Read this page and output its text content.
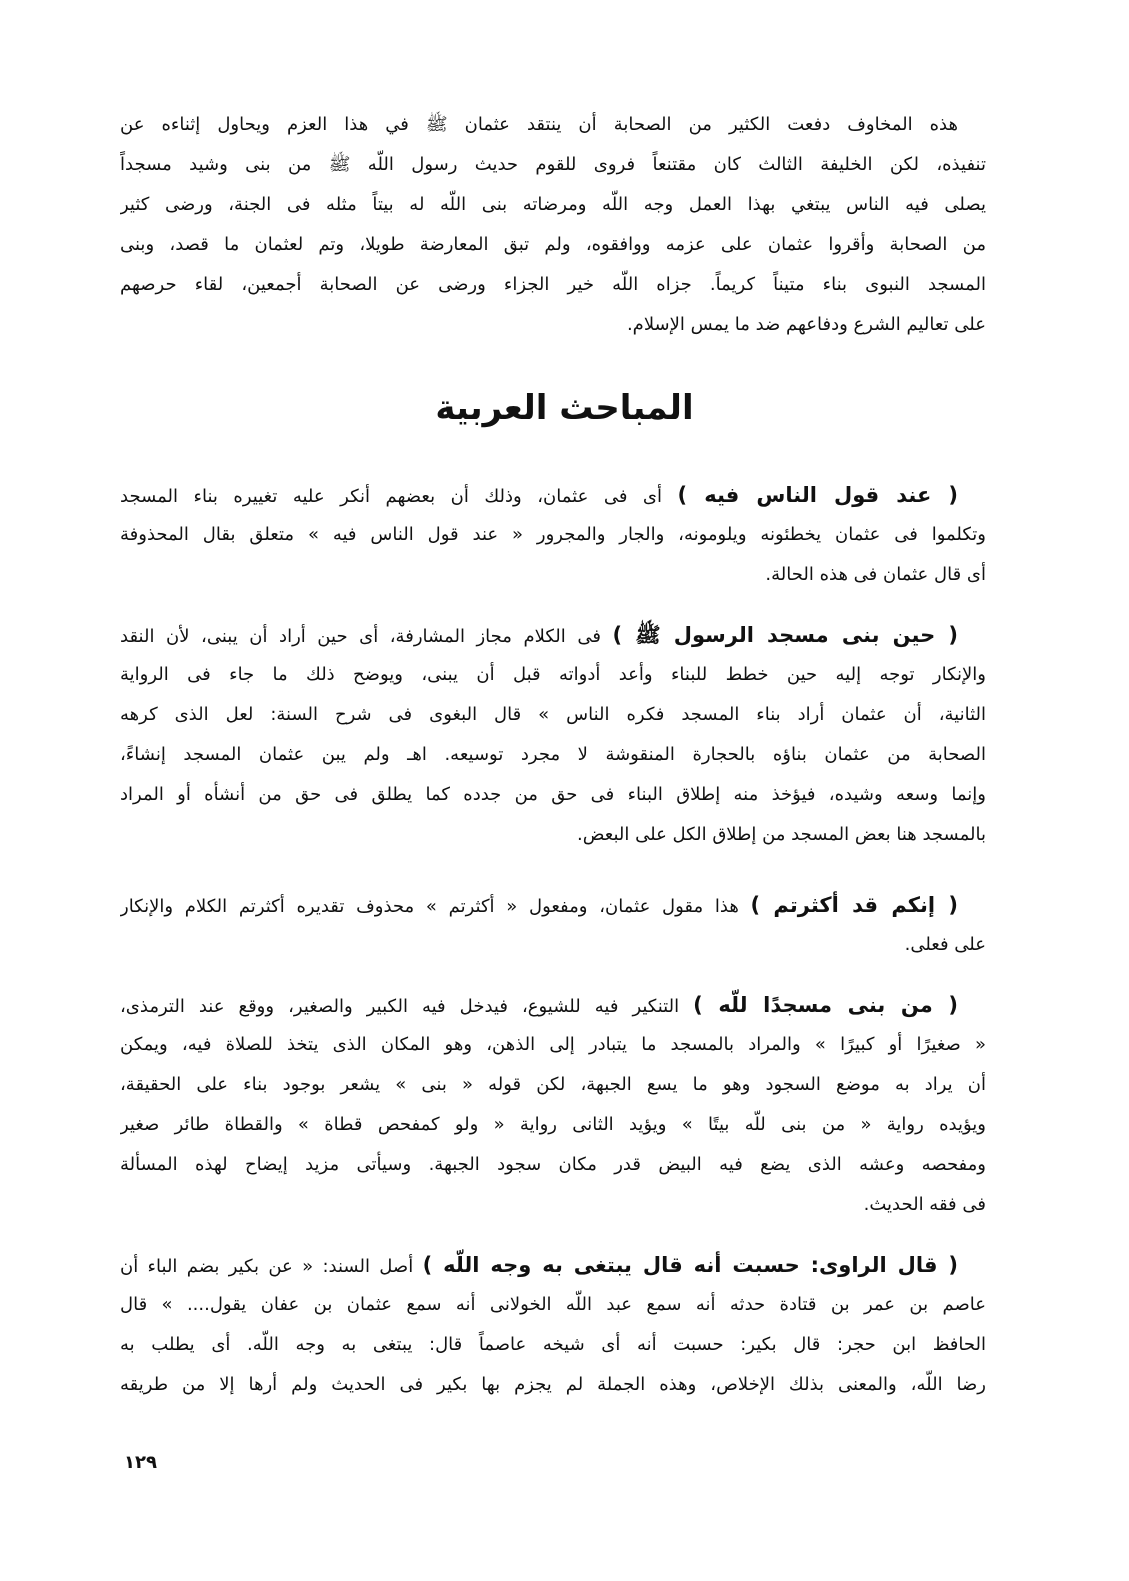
هذه المخاوف دفعت الكثير من الصحابة أن ينتقد عثمان ﷺ في هذا العزم ويحاول إثناءه عن
تنفيذه، لكن الخليفة الثالث كان مقتنعاً فروى للقوم حديث رسول اللّه ﷺ من بنى وشيد مسجداً
يصلى فيه الناس يبتغي بهذا العمل وجه اللّه ومرضاته بنى اللّه له بيتاً مثله فى الجنة، ورضى كثير
من الصحابة وأقروا عثمان على عزمه ووافقوه، ولم تبق المعارضة طويلا، وتم لعثمان ما قصد، وبنى
المسجد النبوى بناء متيناً كريماً. جزاه اللّه خير الجزاء ورضى عن الصحابة أجمعين، لقاء حرصهم
على تعاليم الشرع ودفاعهم ضد ما يمس الإسلام.
المباحث العربية
( عند قول الناس فيه ) أى فى عثمان، وذلك أن بعضهم أنكر عليه تغييره بناء المسجد
وتكلموا فى عثمان يخطئونه ويلومونه، والجار والمجرور « عند قول الناس فيه » متعلق بقال المحذوفة
أى قال عثمان فى هذه الحالة.
( حين بنى مسجد الرسول ﷺ ) فى الكلام مجاز المشارفة، أى حين أراد أن يبنى، لأن النقد
والإنكار توجه إليه حين خطط للبناء وأعد أدواته قبل أن يبنى، ويوضح ذلك ما جاء فى الرواية
الثانية، أن عثمان أراد بناء المسجد فكره الناس » قال البغوى فى شرح السنة: لعل الذى كرهه
الصحابة من عثمان بناؤه بالحجارة المنقوشة لا مجرد توسيعه. اهـ ولم يبن عثمان المسجد إنشاءً،
وإنما وسعه وشيده، فيؤخذ منه إطلاق البناء فى حق من جدده كما يطلق فى حق من أنشأه أو المراد
بالمسجد هنا بعض المسجد من إطلاق الكل على البعض.
( إنكم قد أكثرتم ) هذا مقول عثمان، ومفعول « أكثرتم » محذوف تقديره أكثرتم الكلام والإنكار
على فعلى.
( من بنى مسجدًا للّه ) التنكير فيه للشيوع، فيدخل فيه الكبير والصغير، ووقع عند الترمذى،
« صغيرًا أو كبيرًا » والمراد بالمسجد ما يتبادر إلى الذهن، وهو المكان الذى يتخذ للصلاة فيه، ويمكن
أن يراد به موضع السجود وهو ما يسع الجبهة، لكن قوله « بنى » يشعر بوجود بناء على الحقيقة،
ويؤيده رواية « من بنى للّه بيتًا » ويؤيد الثانى رواية « ولو كمفحص قطاة » والقطاة طائر صغير
ومفحصه وعشه الذى يضع فيه البيض قدر مكان سجود الجبهة. وسيأتى مزيد إيضاح لهذه المسألة
فى فقه الحديث.
( قال الراوى: حسبت أنه قال يبتغى به وجه اللّه ) أصل السند: « عن بكير بضم الباء أن
عاصم بن عمر بن قتادة حدثه أنه سمع عبد اللّه الخولانى أنه سمع عثمان بن عفان يقول.... » قال
الحافظ ابن حجر: قال بكير: حسبت أنه أى شيخه عاصماً قال: يبتغى به وجه اللّه. أى يطلب به
رضا اللّه، والمعنى بذلك الإخلاص، وهذه الجملة لم يجزم بها بكير فى الحديث ولم أرها إلا من طريقه
١٢٩
